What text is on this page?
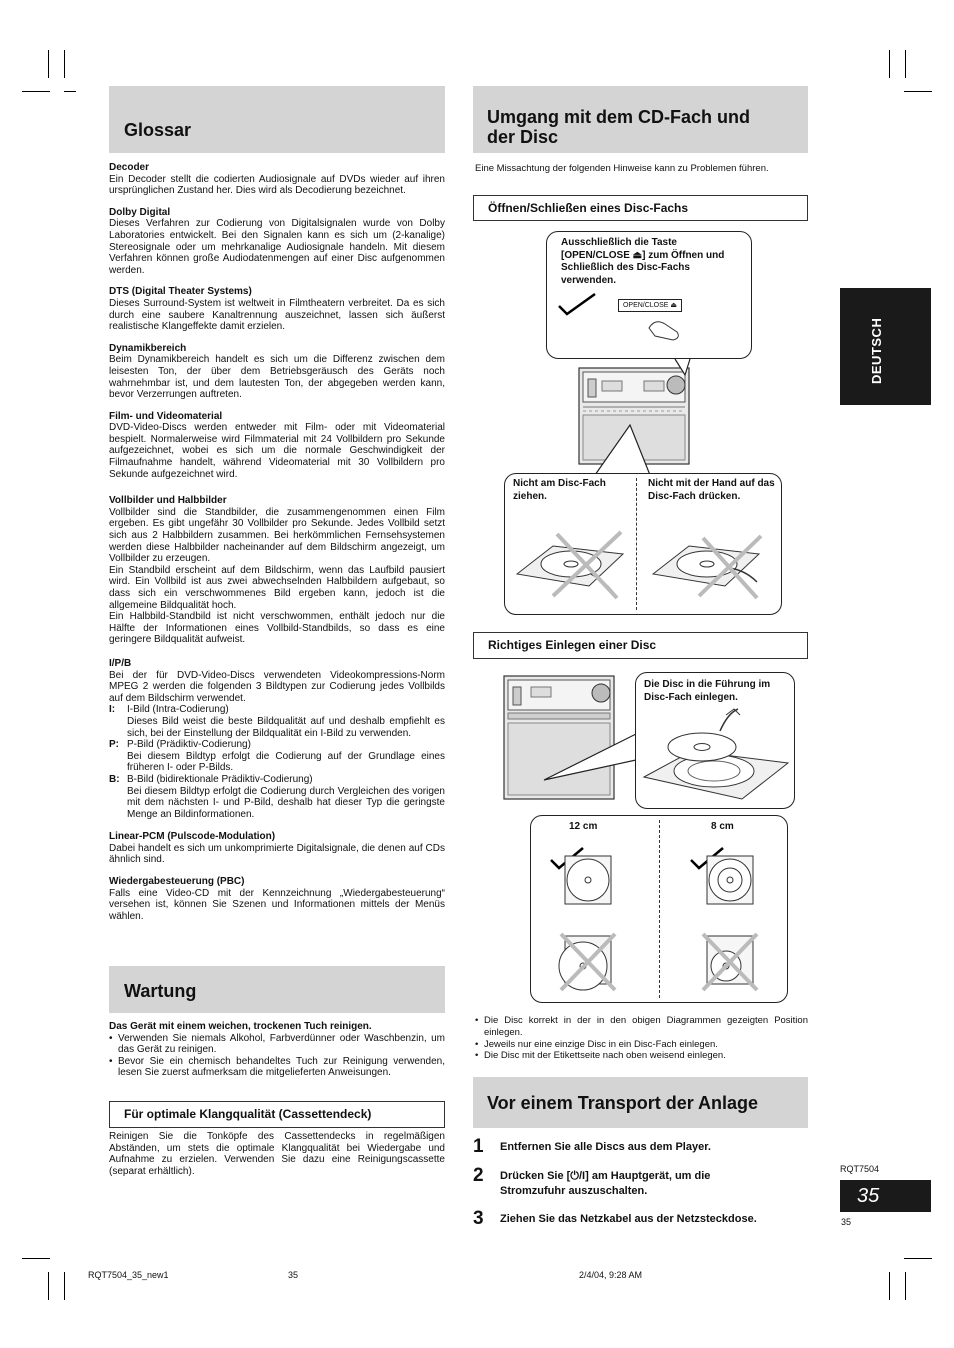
Glossar

Decoder

Ein Decoder stellt die codierten Audiosignale auf DVDs wieder auf ihren ursprünglichen Zustand her. Dies wird als Decodierung bezeichnet.

Dolby Digital

Dieses Verfahren zur Codierung von Digitalsignalen wurde von Dolby Laboratories entwickelt. Bei den Signalen kann es sich um (2-kanalige) Stereosignale oder um mehrkanalige Audiosignale handeln. Mit diesem Verfahren können große Audiodatenmengen auf einer Disc aufgenommen werden.

DTS (Digital Theater Systems)

Dieses Surround-System ist weltweit in Filmtheatern verbreitet. Da es sich durch eine saubere Kanaltrennung auszeichnet, lassen sich äußerst realistische Klangeffekte damit erzielen.

Dynamikbereich

Beim Dynamikbereich handelt es sich um die Differenz zwischen dem leisesten Ton, der über dem Betriebsgeräusch des Geräts noch wahrnehmbar ist, und dem lautesten Ton, der abgegeben werden kann, bevor Verzerrungen auftreten.

Film- und Videomaterial

DVD-Video-Discs werden entweder mit Film- oder mit Videomaterial bespielt. Normalerweise wird Filmmaterial mit 24 Vollbildern pro Sekunde aufgezeichnet, wobei es sich um die normale Geschwindigkeit der Filmaufnahme handelt, während Videomaterial mit 30 Vollbildern pro Sekunde aufgezeichnet wird.

Vollbilder und Halbbilder

Vollbilder sind die Standbilder, die zusammengenommen einen Film ergeben. Es gibt ungefähr 30 Vollbilder pro Sekunde. Jedes Vollbild setzt sich aus 2 Halbbildern zusammen. Bei herkömmlichen Fernsehsystemen werden diese Halbbilder nacheinander auf dem Bildschirm angezeigt, um Vollbilder zu erzeugen.

Ein Standbild erscheint auf dem Bildschirm, wenn das Laufbild pausiert wird. Ein Vollbild ist aus zwei abwechselnden Halbbildern aufgebaut, so dass sich ein verschwommenes Bild ergeben kann, jedoch ist die allgemeine Bildqualität hoch.

Ein Halbbild-Standbild ist nicht verschwommen, enthält jedoch nur die Hälfte der Informationen eines Vollbild-Standbilds, so dass es eine geringere Bildqualität aufweist.

I/P/B

Bei der für DVD-Video-Discs verwendeten Videokompressions-Norm MPEG 2 werden die folgenden 3 Bildtypen zur Codierung jedes Vollbilds auf dem Bildschirm verwendet.

I: I-Bild (Intra-Codierung)
Dieses Bild weist die beste Bildqualität auf und deshalb empfiehlt es sich, bei der Einstellung der Bildqualität ein I-Bild zu verwenden.
P: P-Bild (Prädiktiv-Codierung)
Bei diesem Bildtyp erfolgt die Codierung auf der Grundlage eines früheren I- oder P-Bilds.
B: B-Bild (bidirektionale Prädiktiv-Codierung)
Bei diesem Bildtyp erfolgt die Codierung durch Vergleichen des vorigen mit dem nächsten I- und P-Bild, deshalb hat dieser Typ die geringste Menge an Bildinformationen.

Linear-PCM (Pulscode-Modulation)

Dabei handelt es sich um unkomprimierte Digitalsignale, die denen auf CDs ähnlich sind.

Wiedergabesteuerung (PBC)

Falls eine Video-CD mit der Kennzeichnung „Wiedergabesteuerung“ versehen ist, können Sie Szenen und Informationen mittels der Menüs wählen.

Wartung

Das Gerät mit einem weichen, trockenen Tuch reinigen.

• Verwenden Sie niemals Alkohol, Farbverdünner oder Waschbenzin, um das Gerät zu reinigen.
• Bevor Sie ein chemisch behandeltes Tuch zur Reinigung verwenden, lesen Sie zuerst aufmerksam die mitgelieferten Anweisungen.
Für optimale Klangqualität (Cassettendeck)

Reinigen Sie die Tonköpfe des Cassettendecks in regelmäßigen Abständen, um stets die optimale Klangqualität bei Wiedergabe und Aufnahme zu erzielen. Verwenden Sie dazu eine Reinigungscassette (separat erhältlich).

Umgang mit dem CD-Fach und
der Disc
Eine Missachtung der folgenden Hinweise kann zu Problemen führen.
Öffnen/Schließen eines Disc-Fachs
Ausschließlich die Taste [OPEN/CLOSE ⏏] zum Öffnen und Schließlich des Disc-Fachs verwenden.
OPEN/CLOSE ⏏
Nicht am Disc-Fach ziehen.
Nicht mit der Hand auf das Disc-Fach drücken.
Richtiges Einlegen einer Disc
Die Disc in die Führung im Disc-Fach einlegen.
12 cm	8 cm
• Die Disc korrekt in der in den obigen Diagrammen gezeigten Position einlegen.
• Jeweils nur eine einzige Disc in ein Disc-Fach einlegen.
• Die Disc mit der Etikettseite nach oben weisend einlegen.
Vor einem Transport der Anlage
1 Entfernen Sie alle Discs aus dem Player.
2 Drücken Sie [⏻/I] am Hauptgerät, um die Stromzufuhr auszuschalten.
3 Ziehen Sie das Netzkabel aus der Netzsteckdose.
DEUTSCH
RQT7504
35
35
RQT7504_35_new1	35	2/4/04, 9:28 AM
